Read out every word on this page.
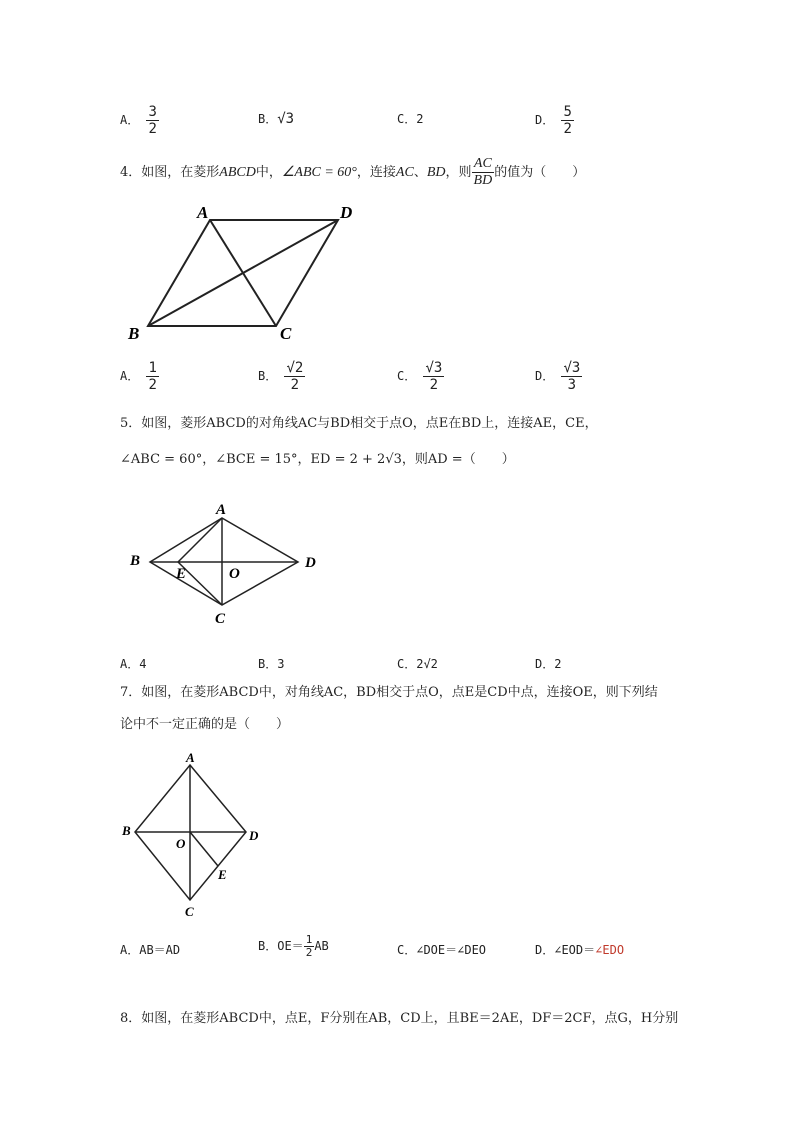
A． $\frac{3}{2}$	B．√3	C．2	D． $\frac{5}{2}$
4．如图，在菱形ABCD中，∠ABC = 60°，连接AC、BD，则 $\frac{AC}{BD}$ 的值为（　　）
A	D
B	C
A． $\frac{1}{2}$	B． $\frac{√2}{2}$	C． $\frac{√3}{2}$	D． $\frac{√3}{3}$
5．如图，菱形ABCD的对角线AC与BD相交于点O，点E在BD上，连接AE，CE，
∠ABC = 60°，∠BCE = 15°，ED = 2 + 2√3，则AD =（　　）
A
B	D
E	O
C
A．4	B．3	C．2√2	D．2
7．如图，在菱形ABCD中，对角线AC，BD相交于点O，点E是CD中点，连接OE，则下列结
论中不一定正确的是（　　）
A
B	D
O
E
C
A．AB＝AD	B．$OE= \frac{1}{2}$ AB	C．∠DOE＝∠DEO	D．∠EOD＝∠EDO
8．如图，在菱形ABCD中，点E，F分别在AB，CD上，且BE＝2AE，DF＝2CF，点G，H分别
